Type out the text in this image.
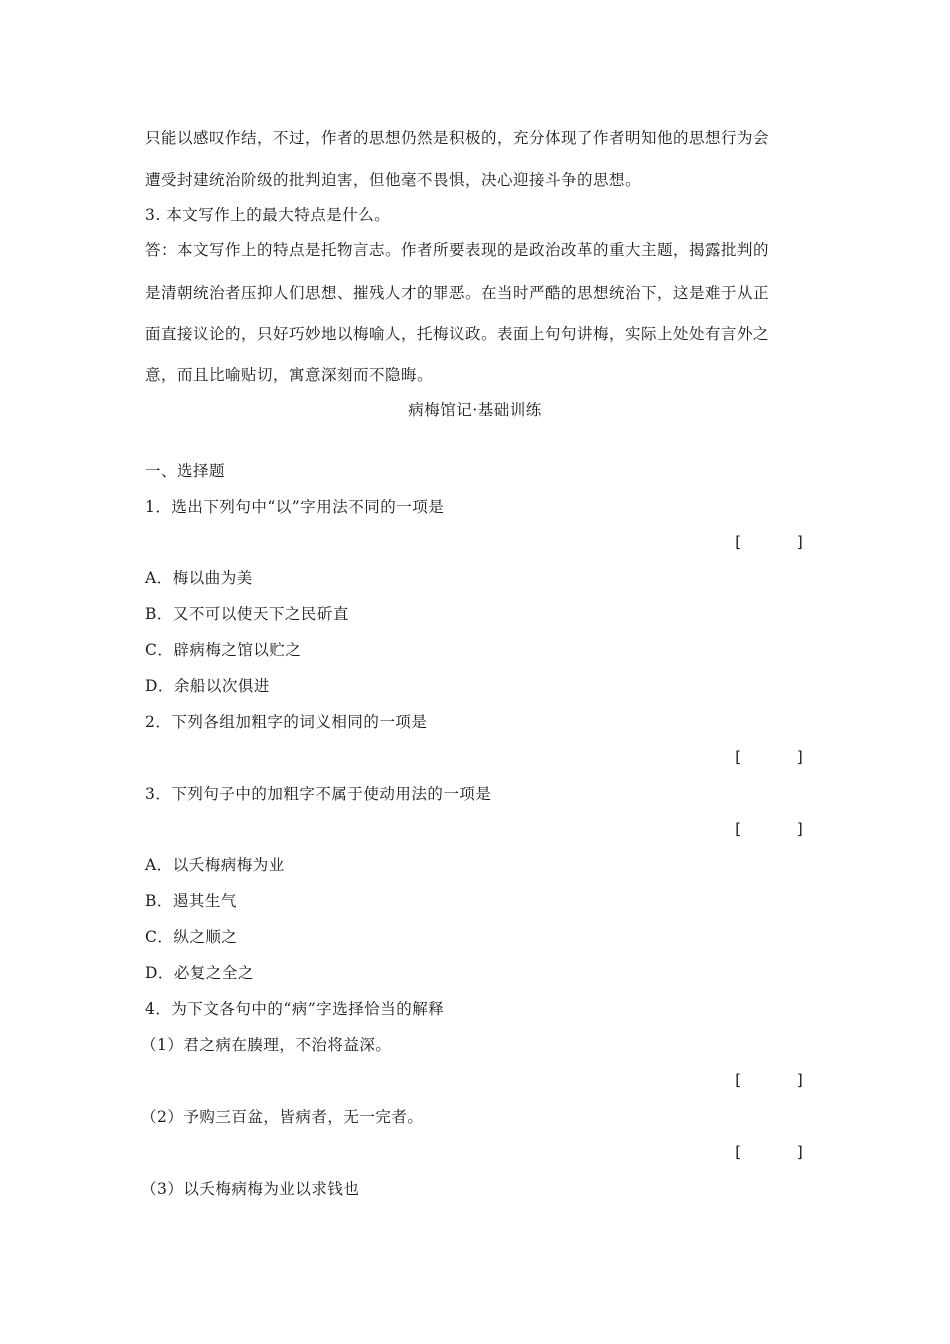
只能以感叹作结，不过，作者的思想仍然是积极的，充分体现了作者明知他的思想行为会
遭受封建统治阶级的批判迫害，但他毫不畏惧，决心迎接斗争的思想。
3. 本文写作上的最大特点是什么。
答：本文写作上的特点是托物言志。作者所要表现的是政治改革的重大主题，揭露批判的
是清朝统治者压抑人们思想、摧残人才的罪恶。在当时严酷的思想统治下，这是难于从正
面直接议论的，只好巧妙地以梅喻人，托梅议政。表面上句句讲梅，实际上处处有言外之
意，而且比喻贴切，寓意深刻而不隐晦。
病梅馆记·基础训练
一、选择题
1．选出下列句中“以”字用法不同的一项是
[	]
A．梅以曲为美
B．又不可以使天下之民斫直
C．辟病梅之馆以贮之
D．余船以次俱进
2．下列各组加粗字的词义相同的一项是
[	]
3．下列句子中的加粗字不属于使动用法的一项是
[	]
A．以夭梅病梅为业
B．遏其生气
C．纵之顺之
D．必复之全之
4．为下文各句中的“病”字选择恰当的解释
（1）君之病在腠理，不治将益深。
[	]
（2）予购三百盆，皆病者，无一完者。
[	]
（3）以夭梅病梅为业以求钱也
